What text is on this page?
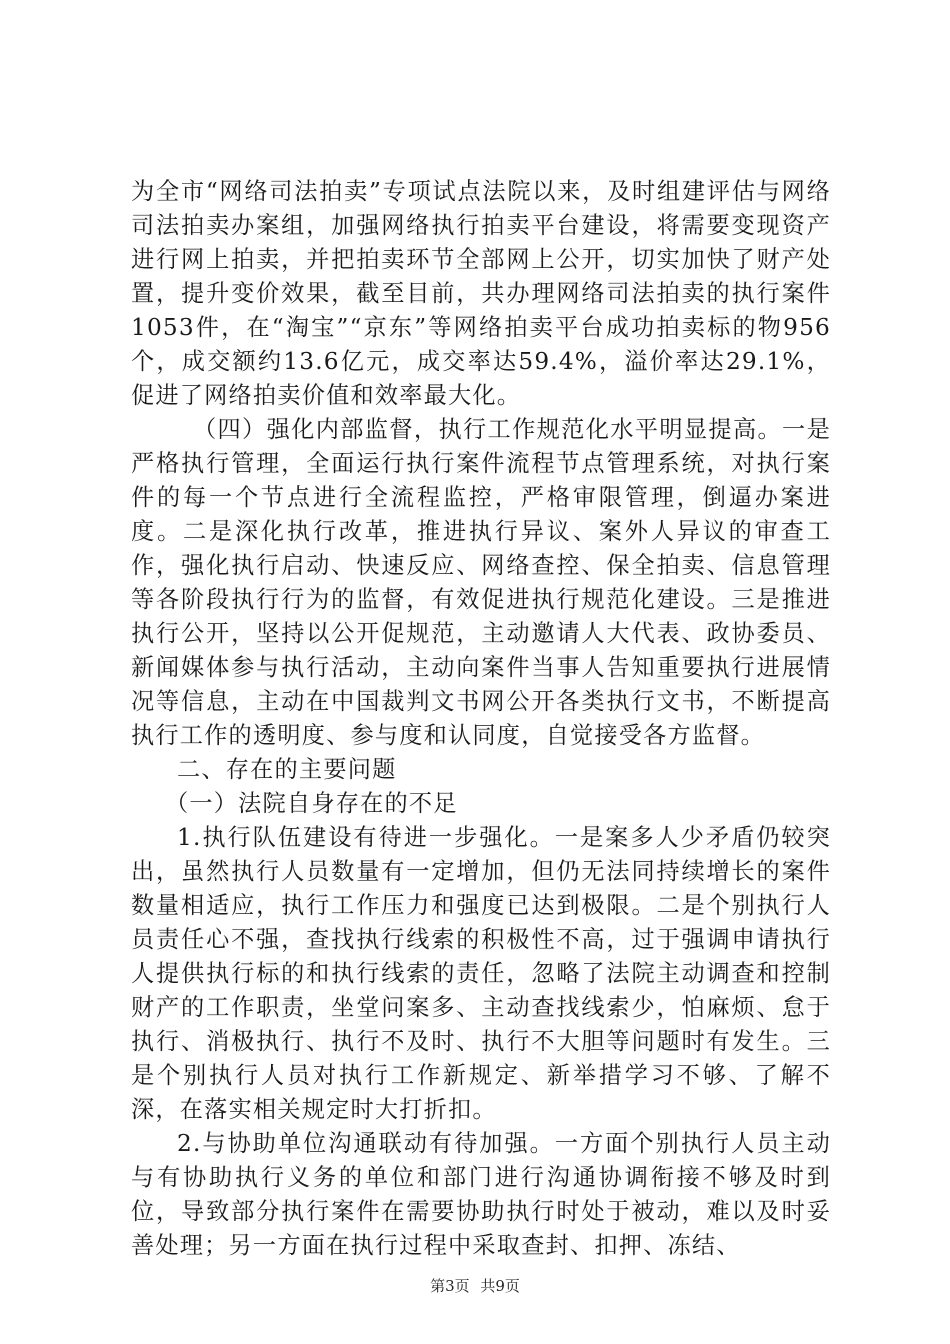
为全市“网络司法拍卖”专项试点法院以来，及时组建评估与网络司法拍卖办案组，加强网络执行拍卖平台建设，将需要变现资产进行网上拍卖，并把拍卖环节全部网上公开，切实加快了财产处置，提升变价效果，截至目前，共办理网络司法拍卖的执行案件1053件，在“淘宝”“京东”等网络拍卖平台成功拍卖标的物956个，成交额约13.6亿元，成交率达59.4%，溢价率达29.1%，促进了网络拍卖价值和效率最大化。

（四）强化内部监督，执行工作规范化水平明显提高。一是严格执行管理，全面运行执行案件流程节点管理系统，对执行案件的每一个节点进行全流程监控，严格审限管理，倒逼办案进度。二是深化执行改革，推进执行异议、案外人异议的审查工作，强化执行启动、快速反应、网络查控、保全拍卖、信息管理等各阶段执行行为的监督，有效促进执行规范化建设。三是推进执行公开，坚持以公开促规范，主动邀请人大代表、政协委员、新闻媒体参与执行活动，主动向案件当事人告知重要执行进展情况等信息，主动在中国裁判文书网公开各类执行文书，不断提高执行工作的透明度、参与度和认同度，自觉接受各方监督。

二、存在的主要问题

（一）法院自身存在的不足

1.执行队伍建设有待进一步强化。一是案多人少矛盾仍较突出，虽然执行人员数量有一定增加，但仍无法同持续增长的案件数量相适应，执行工作压力和强度已达到极限。二是个别执行人员责任心不强，查找执行线索的积极性不高，过于强调申请执行人提供执行标的和执行线索的责任，忽略了法院主动调查和控制财产的工作职责，坐堂问案多、主动查找线索少，怕麻烦、怠于执行、消极执行、执行不及时、执行不大胆等问题时有发生。三是个别执行人员对执行工作新规定、新举措学习不够、了解不深，在落实相关规定时大打折扣。

2.与协助单位沟通联动有待加强。一方面个别执行人员主动与有协助执行义务的单位和部门进行沟通协调衔接不够及时到位，导致部分执行案件在需要协助执行时处于被动，难以及时妥善处理；另一方面在执行过程中采取查封、扣押、冻结、

第3页 共9页
